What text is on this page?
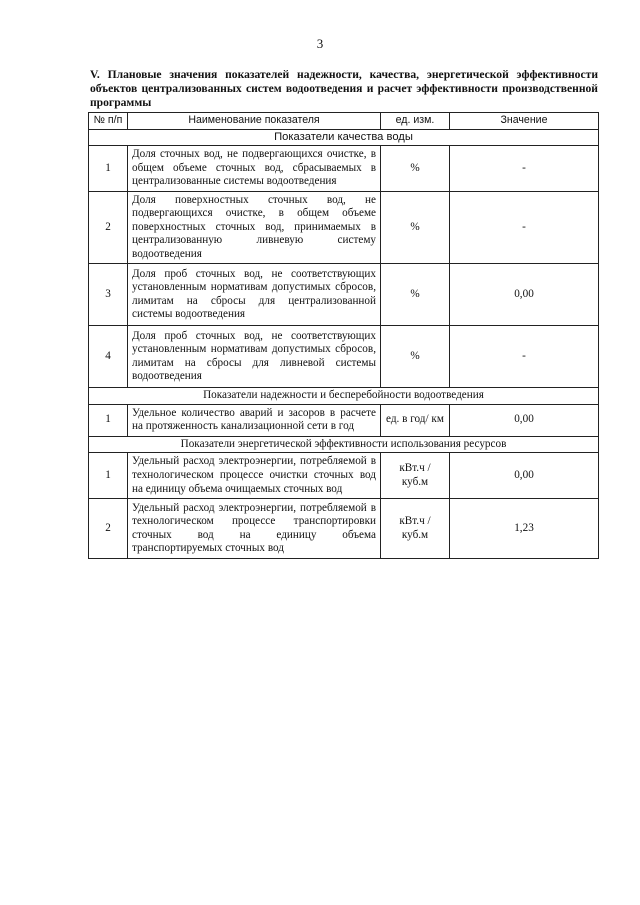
3
V. Плановые значения показателей надежности, качества, энергетической эффективности объектов централизованных систем водоотведения и расчет эффективности производственной программы
№ п/п	Наименование показателя	ед. изм.	Значение
Показатели качества воды			
1	Доля сточных вод, не подвергающихся очистке, в общем объеме сточных вод, сбрасываемых в централизованные системы водоотведения	%	-
2	Доля поверхностных сточных вод, не подвергающихся очистке, в общем объеме поверхностных сточных вод, принимаемых в централизованную ливневую систему водоотведения	%	-
3	Доля проб сточных вод, не соответствующих установленным нормативам допустимых сбросов, лимитам на сбросы для централизованной системы водоотведения	%	0,00
4	Доля проб сточных вод, не соответствующих установленным нормативам допустимых сбросов, лимитам на сбросы для ливневой системы водоотведения	%	-
Показатели надежности и бесперебойности водоотведения			
1	Удельное количество аварий и засоров в расчете на протяженность канализационной сети в год	ед. в год/ км	0,00
Показатели энергетической эффективности использования ресурсов			
1	Удельный расход электроэнергии, потребляемой в технологическом процессе очистки сточных вод на единицу объема очищаемых сточных вод	кВт.ч / куб.м	0,00
2	Удельный расход электроэнергии, потребляемой в технологическом процессе транспортировки сточных вод на единицу объема транспортируемых сточных вод	кВт.ч / куб.м	1,23
